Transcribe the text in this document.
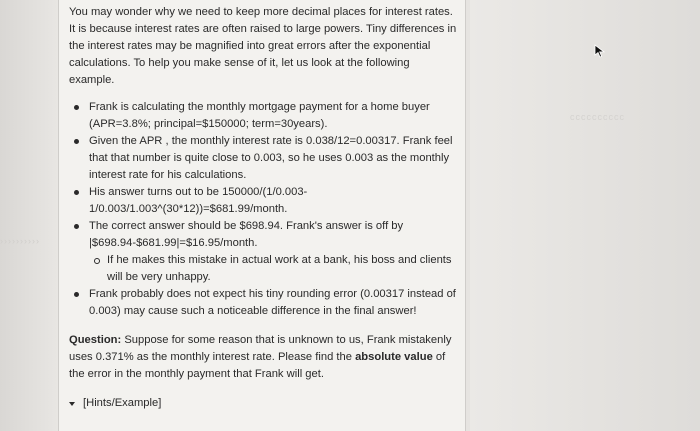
››››››››››
cccccccccc

You may wonder why we need to keep more decimal places for interest rates. It is because interest rates are often raised to large powers. Tiny differences in the interest rates may be magnified into great errors after the exponential calculations. To help you make sense of it, let us look at the following example.

Frank is calculating the monthly mortgage payment for a home buyer (APR=3.8%; principal=$150000; term=30years).
Given the APR , the monthly interest rate is 0.038/12=0.00317. Frank feel that that number is quite close to 0.003, so he uses 0.003 as the monthly interest rate for his calculations.
His answer turns out to be 150000/(1/0.003-1/0.003/1.003^(30*12))=$681.99/month.
The correct answer should be $698.94. Frank's answer is off by |$698.94-$681.99|=$16.95/month.
If he makes this mistake in actual work at a bank, his boss and clients will be very unhappy.
Frank probably does not expect his tiny rounding error (0.00317 instead of 0.003) may cause such a noticeable difference in the final answer!

Question: Suppose for some reason that is unknown to us, Frank mistakenly uses 0.371% as the monthly interest rate. Please find the absolute value of the error in the monthly payment that Frank will get.

[Hints/Example]
